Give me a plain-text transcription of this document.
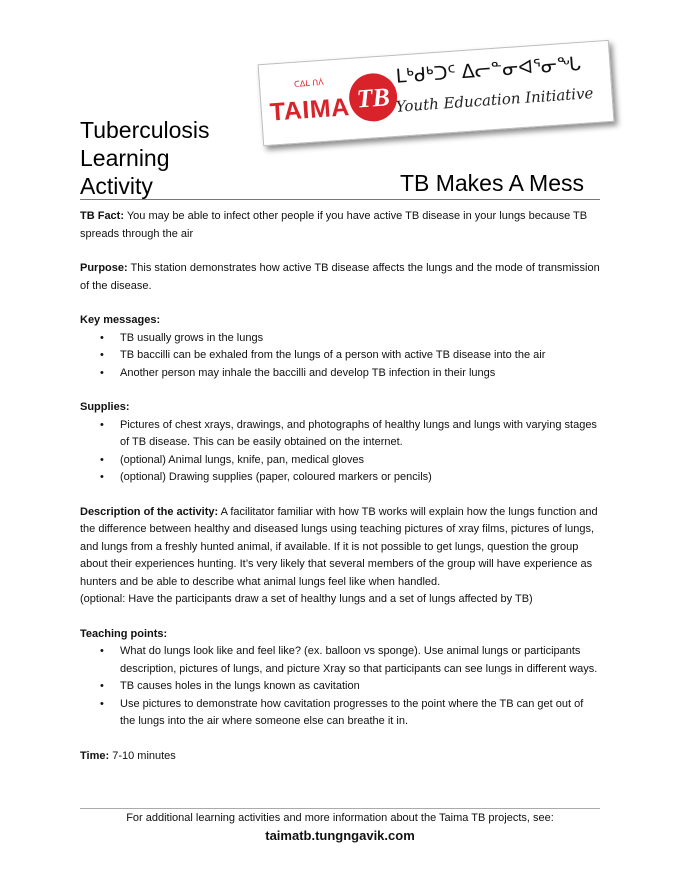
ᑕᐃᒪ ᑎᐲ
TAIMA TB
ᒪᒃᑯᒃᑐᑦ ᐃᓕᓐᓂᐊᕐᓂᖓ
Youth Education Initiative
Tuberculosis
Learning
Activity	TB Makes A Mess

TB Fact: You may be able to infect other people if you have active TB disease in your lungs because TB spreads through the air

Purpose: This station demonstrates how active TB disease affects the lungs and the mode of transmission of the disease.

Key messages:

• TB usually grows in the lungs
• TB baccilli can be exhaled from the lungs of a person with active TB disease into the air
• Another person may inhale the baccilli and develop TB infection in their lungs

Supplies:

• Pictures of chest xrays, drawings, and photographs of healthy lungs and lungs with varying stages of TB disease. This can be easily obtained on the internet.
• (optional) Animal lungs, knife, pan, medical gloves
• (optional) Drawing supplies (paper, coloured markers or pencils)

Description of the activity: A facilitator familiar with how TB works will explain how the lungs function and the difference between healthy and diseased lungs using teaching pictures of xray films, pictures of lungs, and lungs from a freshly hunted animal, if available. If it is not possible to get lungs, question the group about their experiences hunting. It’s very likely that several members of the group will have experience as hunters and be able to describe what animal lungs feel like when handled.

(optional: Have the participants draw a set of healthy lungs and a set of lungs affected by TB)

Teaching points:

• What do lungs look like and feel like? (ex. balloon vs sponge). Use animal lungs or participants description, pictures of lungs, and picture Xray so that participants can see lungs in different ways.
• TB causes holes in the lungs known as cavitation
• Use pictures to demonstrate how cavitation progresses to the point where the TB can get out of the lungs into the air where someone else can breathe it in.

Time: 7-10 minutes

For additional learning activities and more information about the Taima TB projects, see:
taimatb.tungngavik.com
